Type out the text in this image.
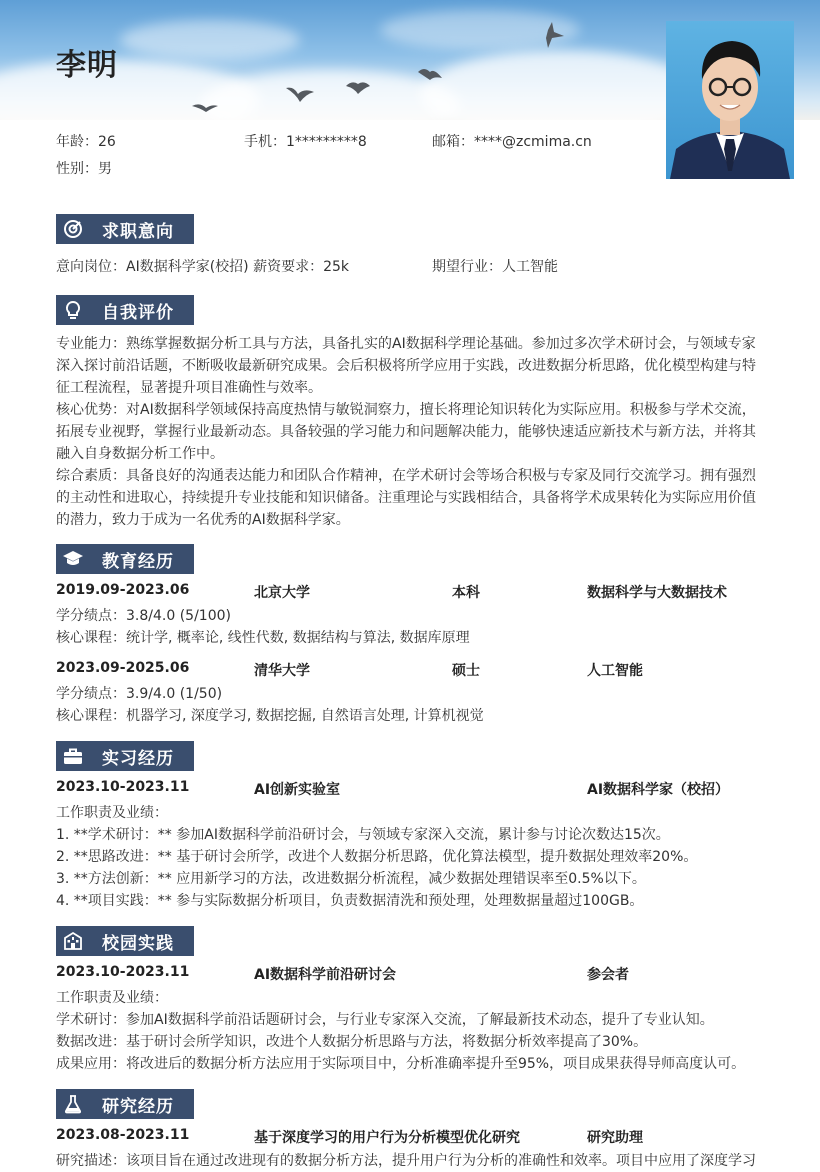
李明
年龄：26	手机：1*********8	邮箱：****@zcmima.cn
性别：男
求职意向
意向岗位：AI数据科学家(校招) 薪资要求：25k	期望行业：人工智能
自我评价
专业能力：熟练掌握数据分析工具与方法，具备扎实的AI数据科学理论基础。参加过多次学术研讨会，与领域专家深入探讨前沿话题，不断吸收最新研究成果。会后积极将所学应用于实践，改进数据分析思路，优化模型构建与特征工程流程，显著提升项目准确性与效率。
核心优势：对AI数据科学领域保持高度热情与敏锐洞察力，擅长将理论知识转化为实际应用。积极参与学术交流，拓展专业视野，掌握行业最新动态。具备较强的学习能力和问题解决能力，能够快速适应新技术与新方法，并将其融入自身数据分析工作中。
综合素质：具备良好的沟通表达能力和团队合作精神，在学术研讨会等场合积极与专家及同行交流学习。拥有强烈的主动性和进取心，持续提升专业技能和知识储备。注重理论与实践相结合，具备将学术成果转化为实际应用价值的潜力，致力于成为一名优秀的AI数据科学家。
教育经历
2019.09-2023.06	北京大学	本科	数据科学与大数据技术
学分绩点：3.8/4.0 (5/100)
核心课程：统计学, 概率论, 线性代数, 数据结构与算法, 数据库原理
2023.09-2025.06	清华大学	硕士	人工智能
学分绩点：3.9/4.0 (1/50)
核心课程：机器学习, 深度学习, 数据挖掘, 自然语言处理, 计算机视觉
实习经历
2023.10-2023.11	AI创新实验室	AI数据科学家（校招）
工作职责及业绩：
1. **学术研讨：** 参加AI数据科学前沿研讨会，与领域专家深入交流，累计参与讨论次数达15次。
2. **思路改进：** 基于研讨会所学，改进个人数据分析思路，优化算法模型，提升数据处理效率20%。
3. **方法创新：** 应用新学习的方法，改进数据分析流程，减少数据处理错误率至0.5%以下。
4. **项目实践：** 参与实际数据分析项目，负责数据清洗和预处理，处理数据量超过100GB。
校园实践
2023.10-2023.11	AI数据科学前沿研讨会	参会者
工作职责及业绩：
学术研讨：参加AI数据科学前沿话题研讨会，与行业专家深入交流，了解最新技术动态，提升了专业认知。
数据改进：基于研讨会所学知识，改进个人数据分析思路与方法，将数据分析效率提高了30%。
成果应用：将改进后的数据分析方法应用于实际项目中，分析准确率提升至95%，项目成果获得导师高度认可。
研究经历
2023.08-2023.11	基于深度学习的用户行为分析模型优化研究	研究助理
研究描述：该项目旨在通过改进现有的数据分析方法，提升用户行为分析的准确性和效率。项目中应用了深度学习
